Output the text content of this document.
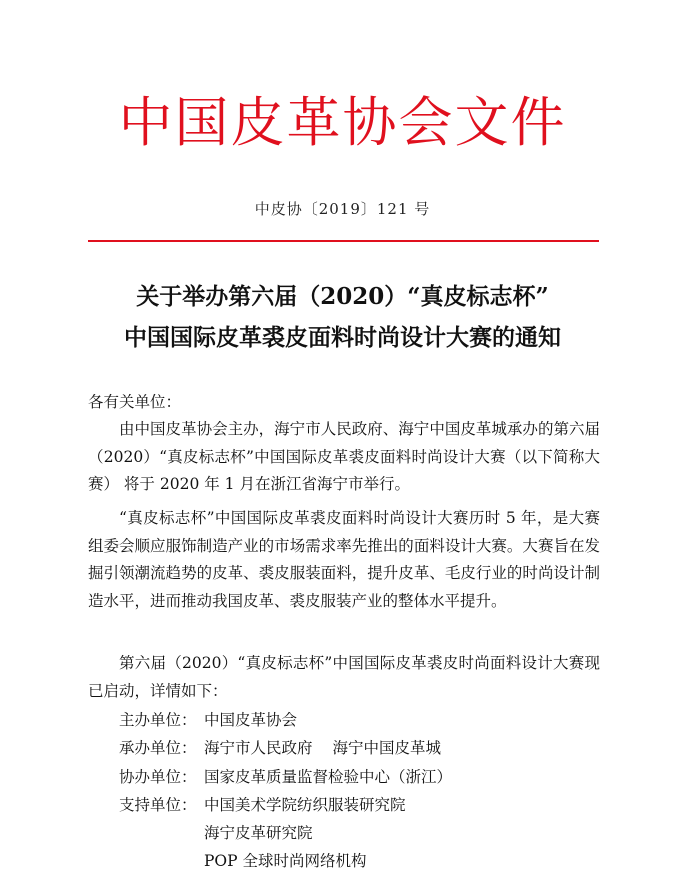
中国皮革协会文件
中皮协〔2019〕121 号
关于举办第六届（2020）“真皮标志杯”
中国国际皮革裘皮面料时尚设计大赛的通知
各有关单位：
由中国皮革协会主办，海宁市人民政府、海宁中国皮革城承办的第六届（2020）“真皮标志杯”中国国际皮革裘皮面料时尚设计大赛（以下简称大赛） 将于 2020 年 1 月在浙江省海宁市举行。
“真皮标志杯”中国国际皮革裘皮面料时尚设计大赛历时 5 年，是大赛组委会顺应服饰制造产业的市场需求率先推出的面料设计大赛。大赛旨在发掘引领潮流趋势的皮革、裘皮服装面料，提升皮革、毛皮行业的时尚设计制造水平，进而推动我国皮革、裘皮服装产业的整体水平提升。
第六届（2020）“真皮标志杯”中国国际皮革裘皮时尚面料设计大赛现已启动，详情如下：
主办单位： 中国皮革协会
承办单位： 海宁市人民政府 海宁中国皮革城
协办单位： 国家皮革质量监督检验中心（浙江）
支持单位： 中国美术学院纺织服装研究院
海宁皮革研究院
POP 全球时尚网络机构
